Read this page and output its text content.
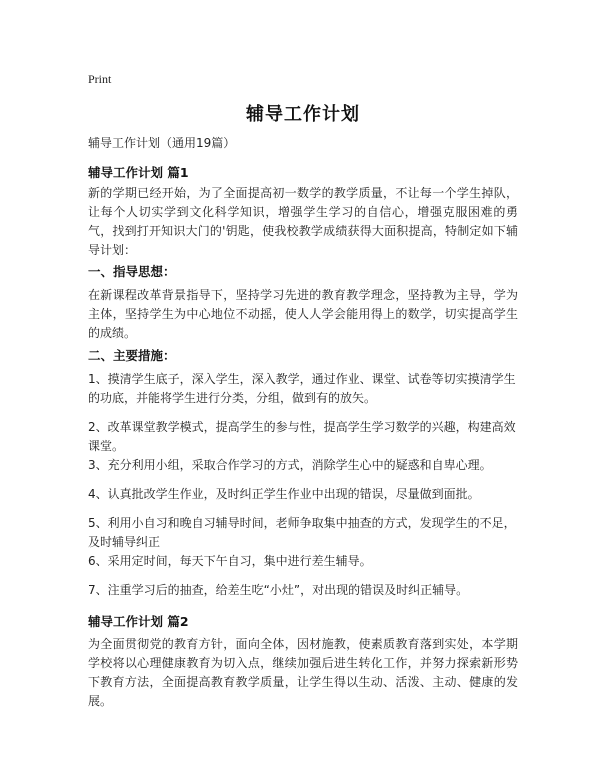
Print
辅导工作计划
辅导工作计划（通用19篇）
辅导工作计划 篇1
新的学期已经开始，为了全面提高初一数学的教学质量，不让每一个学生掉队，让每个人切实学到文化科学知识，增强学生学习的自信心，增强克服困难的勇气，找到打开知识大门的'钥匙，使我校教学成绩获得大面积提高，特制定如下辅导计划：
一、指导思想：
在新课程改革背景指导下，坚持学习先进的教育教学理念，坚持教为主导，学为主体，坚持学生为中心地位不动摇，使人人学会能用得上的数学，切实提高学生的成绩。
二、主要措施：
1、摸清学生底子，深入学生，深入教学，通过作业、课堂、试卷等切实摸清学生的功底，并能将学生进行分类，分组，做到有的放矢。
2、改革课堂教学模式，提高学生的参与性，提高学生学习数学的兴趣，构建高效课堂。
3、充分利用小组，采取合作学习的方式，消除学生心中的疑惑和自卑心理。
4、认真批改学生作业，及时纠正学生作业中出现的错误，尽量做到面批。
5、利用小自习和晚自习辅导时间，老师争取集中抽查的方式，发现学生的不足，及时辅导纠正
6、采用定时间，每天下午自习，集中进行差生辅导。
7、注重学习后的抽查，给差生吃“小灶”，对出现的错误及时纠正辅导。
辅导工作计划 篇2
为全面贯彻党的教育方针，面向全体，因材施教，使素质教育落到实处，本学期学校将以心理健康教育为切入点，继续加强后进生转化工作，并努力探索新形势下教育方法，全面提高教育教学质量，让学生得以生动、活泼、主动、健康的发展。
